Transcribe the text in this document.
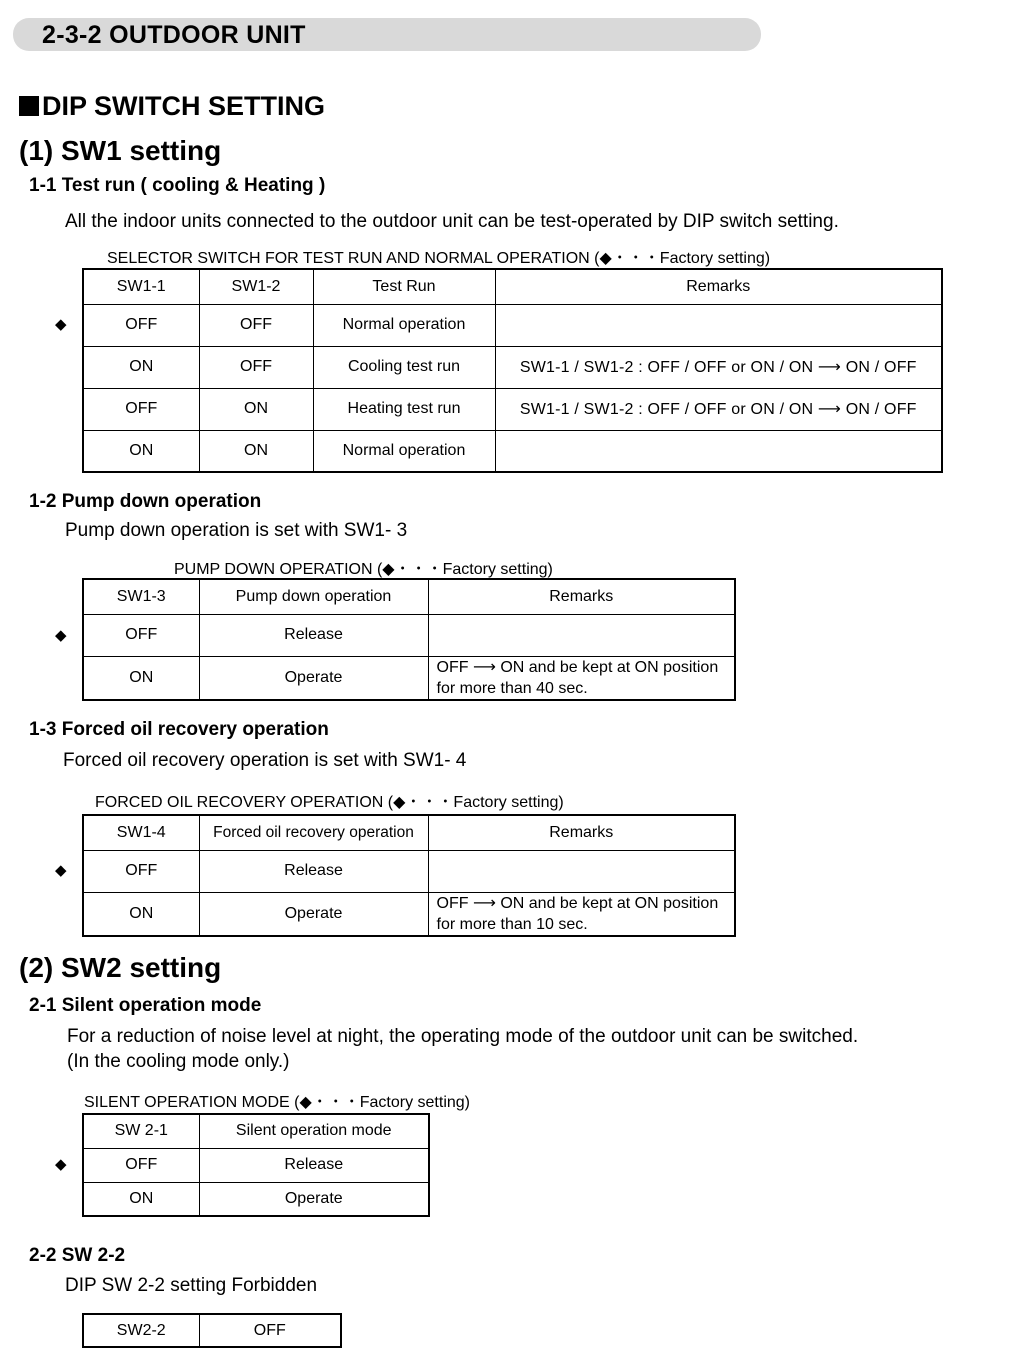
2-3-2 OUTDOOR UNIT
DIP SWITCH SETTING
(1) SW1 setting
1-1 Test run ( cooling & Heating )
All the indoor units connected to the outdoor unit can be test-operated by DIP switch setting.
SELECTOR SWITCH FOR TEST RUN AND NORMAL OPERATION (◆・・・Factory setting)
SW1-1	SW1-2	Test Run	Remarks
OFF	OFF	Normal operation	
ON	OFF	Cooling test run	SW1-1 / SW1-2 : OFF / OFF or ON / ON ⟶ ON / OFF
OFF	ON	Heating test run	SW1-1 / SW1-2 : OFF / OFF or ON / ON ⟶ ON / OFF
ON	ON	Normal operation	
◆
1-2 Pump down operation
Pump down operation is set with SW1- 3
PUMP DOWN OPERATION (◆・・・Factory setting)
SW1-3	Pump down operation	Remarks
OFF	Release	
ON	Operate	OFF ⟶ ON and be kept at ON position for more than 40 sec.
◆
1-3 Forced oil recovery operation
Forced oil recovery operation is set with SW1- 4
FORCED OIL RECOVERY OPERATION (◆・・・Factory setting)
SW1-4	Forced oil recovery operation	Remarks
OFF	Release	
ON	Operate	OFF ⟶ ON and be kept at ON position for more than 10 sec.
◆
(2) SW2 setting
2-1 Silent operation mode
For a reduction of noise level at night, the operating mode of the outdoor unit can be switched.
(In the cooling mode only.)
SILENT OPERATION MODE (◆・・・Factory setting)
SW 2-1	Silent operation mode
OFF	Release
ON	Operate
◆
2-2 SW 2-2
DIP SW 2-2 setting Forbidden
SW2-2	OFF
